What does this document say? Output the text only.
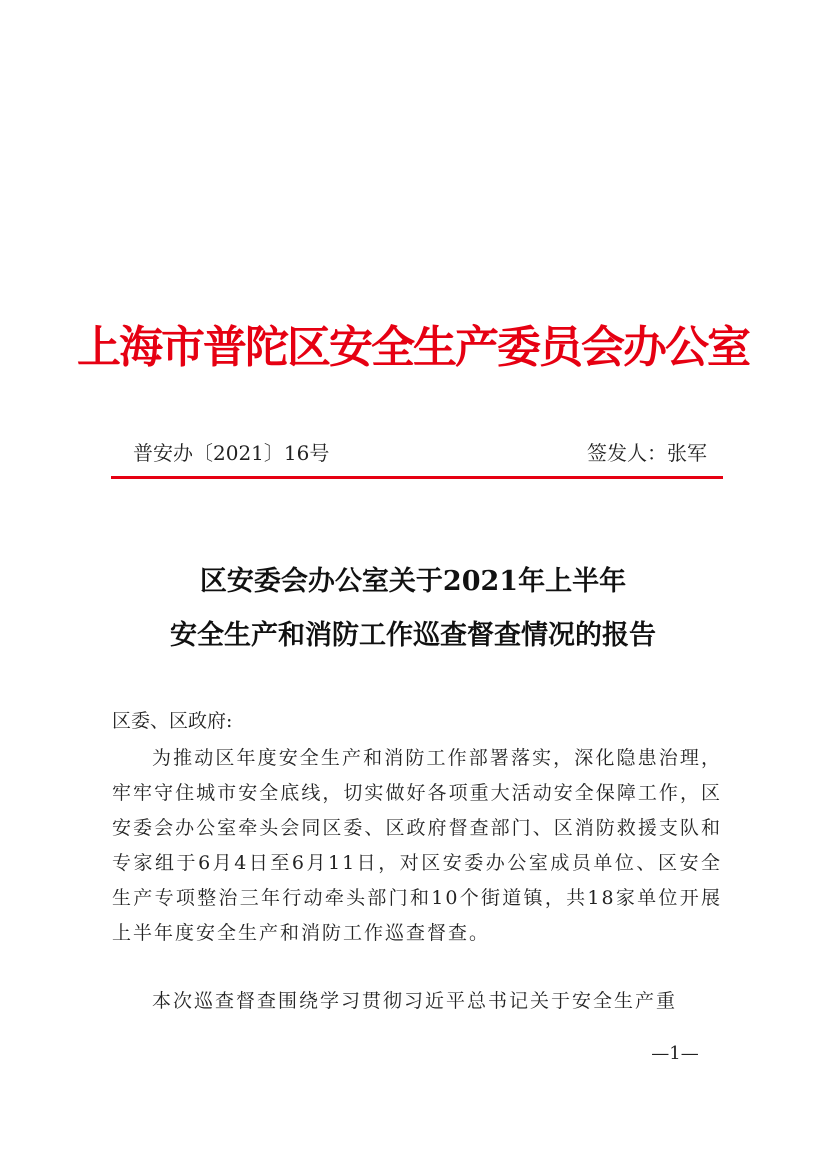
上海市普陀区安全生产委员会办公室
普安办〔2021〕16号	签发人：张军
区安委会办公室关于2021年上半年
安全生产和消防工作巡查督查情况的报告
区委、区政府:

为推动区年度安全生产和消防工作部署落实，深化隐患治理，牢牢守住城市安全底线，切实做好各项重大活动安全保障工作，区安委会办公室牵头会同区委、区政府督查部门、区消防救援支队和专家组于6月4日至6月11日，对区安委办公室成员单位、区安全生产专项整治三年行动牵头部门和10个街道镇，共18家单位开展上半年度安全生产和消防工作巡查督查。

本次巡查督查围绕学习贯彻习近平总书记关于安全生产重

—1—
